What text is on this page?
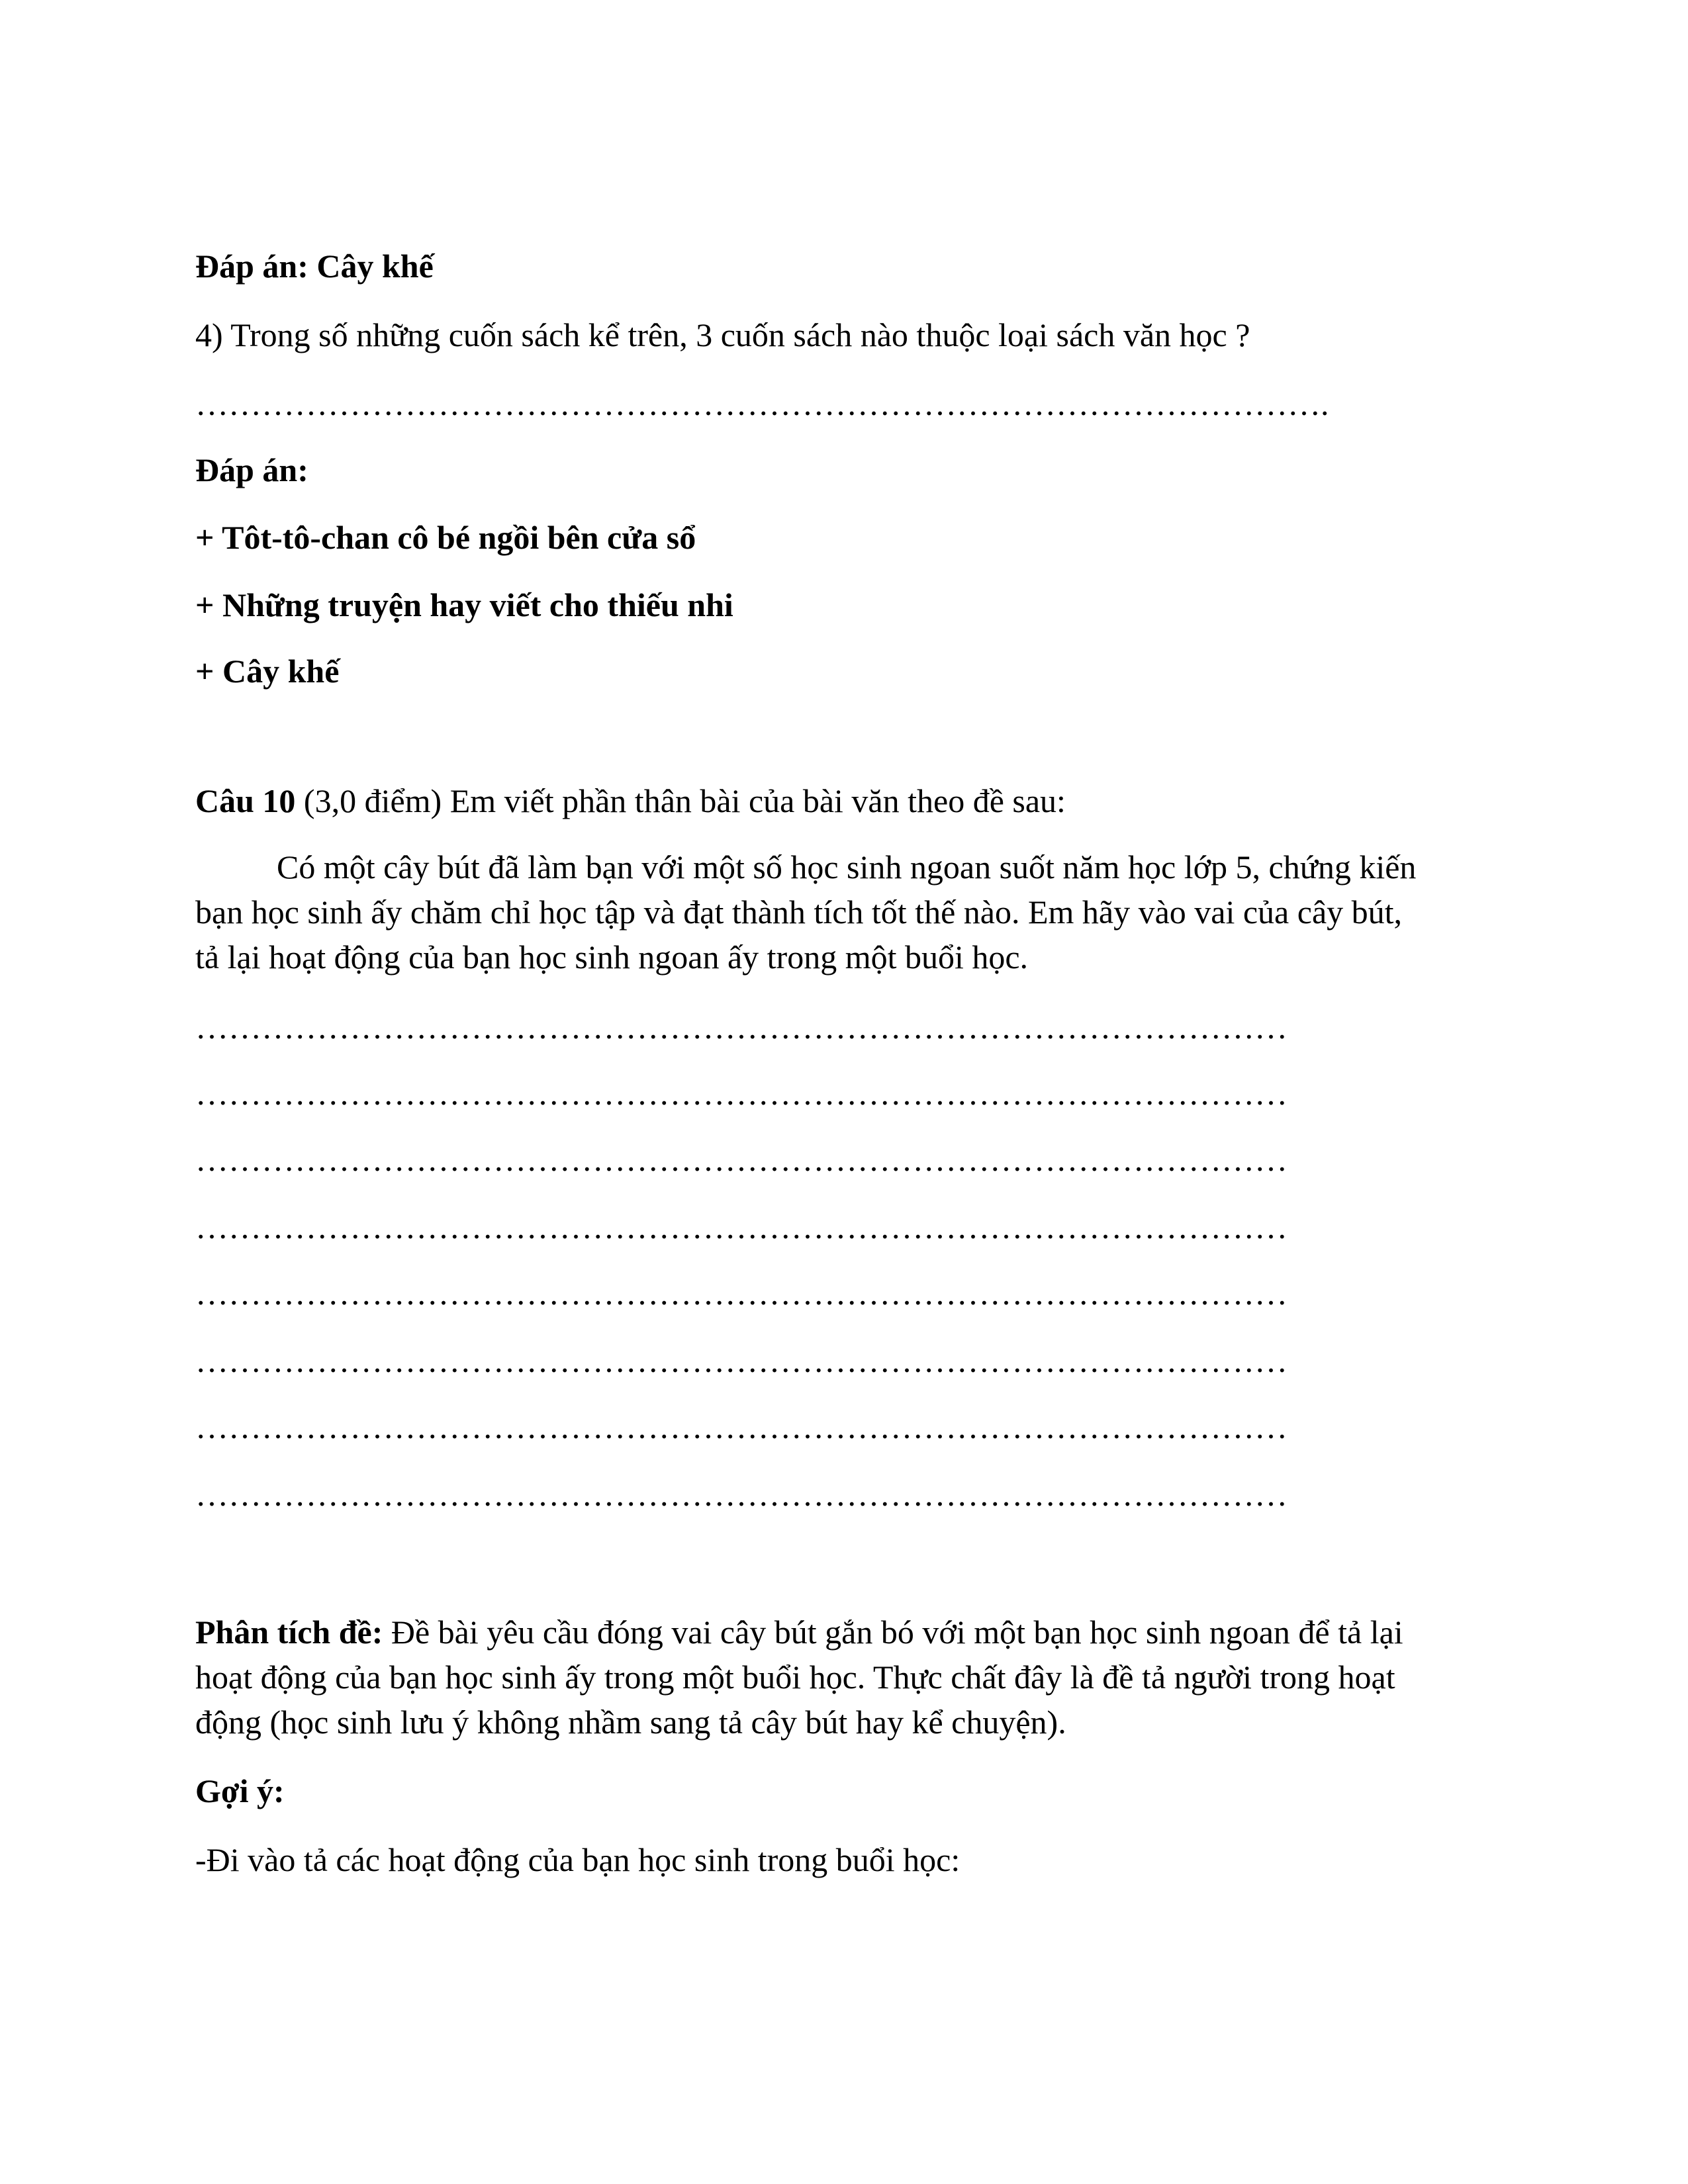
Đáp án: Cây khế
4) Trong số những cuốn sách kể trên, 3 cuốn sách nào thuộc loại sách văn học ?
………………………………………………………………………………………….
Đáp án:
+ Tôt-tô-chan cô bé ngồi bên cửa sổ
+ Những truyện hay viết cho thiếu nhi
+ Cây khế
Câu 10 (3,0 điểm) Em viết phần thân bài của bài văn theo đề sau:
Có một cây bút đã làm bạn với một số học sinh ngoan suốt năm học lớp 5, chứng kiến
bạn học sinh ấy chăm chỉ học tập và đạt thành tích tốt thế nào. Em hãy vào vai của cây bút,
tả lại hoạt động của bạn học sinh ngoan ấy trong một buổi học.
………………………………………………………………………………………
………………………………………………………………………………………
………………………………………………………………………………………
………………………………………………………………………………………
………………………………………………………………………………………
………………………………………………………………………………………
………………………………………………………………………………………
………………………………………………………………………………………
Phân tích đề: Đề bài yêu cầu đóng vai cây bút gắn bó với một bạn học sinh ngoan để tả lại
hoạt động của bạn học sinh ấy trong một buổi học. Thực chất đây là đề tả người trong hoạt
động (học sinh lưu ý không nhầm sang tả cây bút hay kể chuyện).
Gợi ý:
-Đi vào tả các hoạt động của bạn học sinh trong buổi học:
